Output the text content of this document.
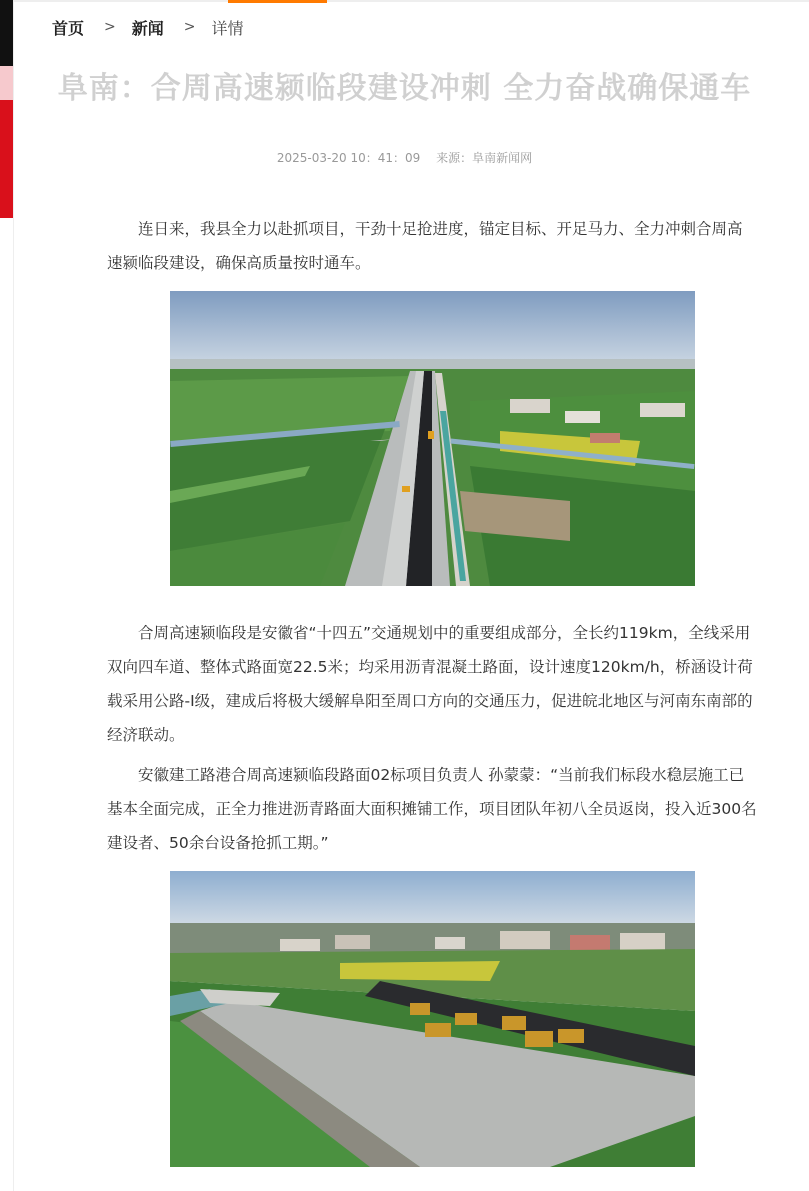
首页 > 新闻 > 详情
阜南：合周高速颍临段建设冲刺 全力奋战确保通车
2025-03-20 10：41：09 来源：阜南新闻网

连日来，我县全力以赴抓项目，干劲十足抢进度，锚定目标、开足马力、全力冲刺合周高速颍临段建设，确保高质量按时通车。

合周高速颍临段是安徽省“十四五”交通规划中的重要组成部分，全长约119km，全线采用双向四车道、整体式路面宽22.5米；均采用沥青混凝土路面，设计速度120km/h，桥涵设计荷载采用公路-Ⅰ级，建成后将极大缓解阜阳至周口方向的交通压力，促进皖北地区与河南东南部的经济联动。

安徽建工路港合周高速颍临段路面02标项目负责人 孙蒙蒙：“当前我们标段水稳层施工已基本全面完成，正全力推进沥青路面大面积摊铺工作，项目团队年初八全员返岗，投入近300名建设者、50余台设备抢抓工期。”
